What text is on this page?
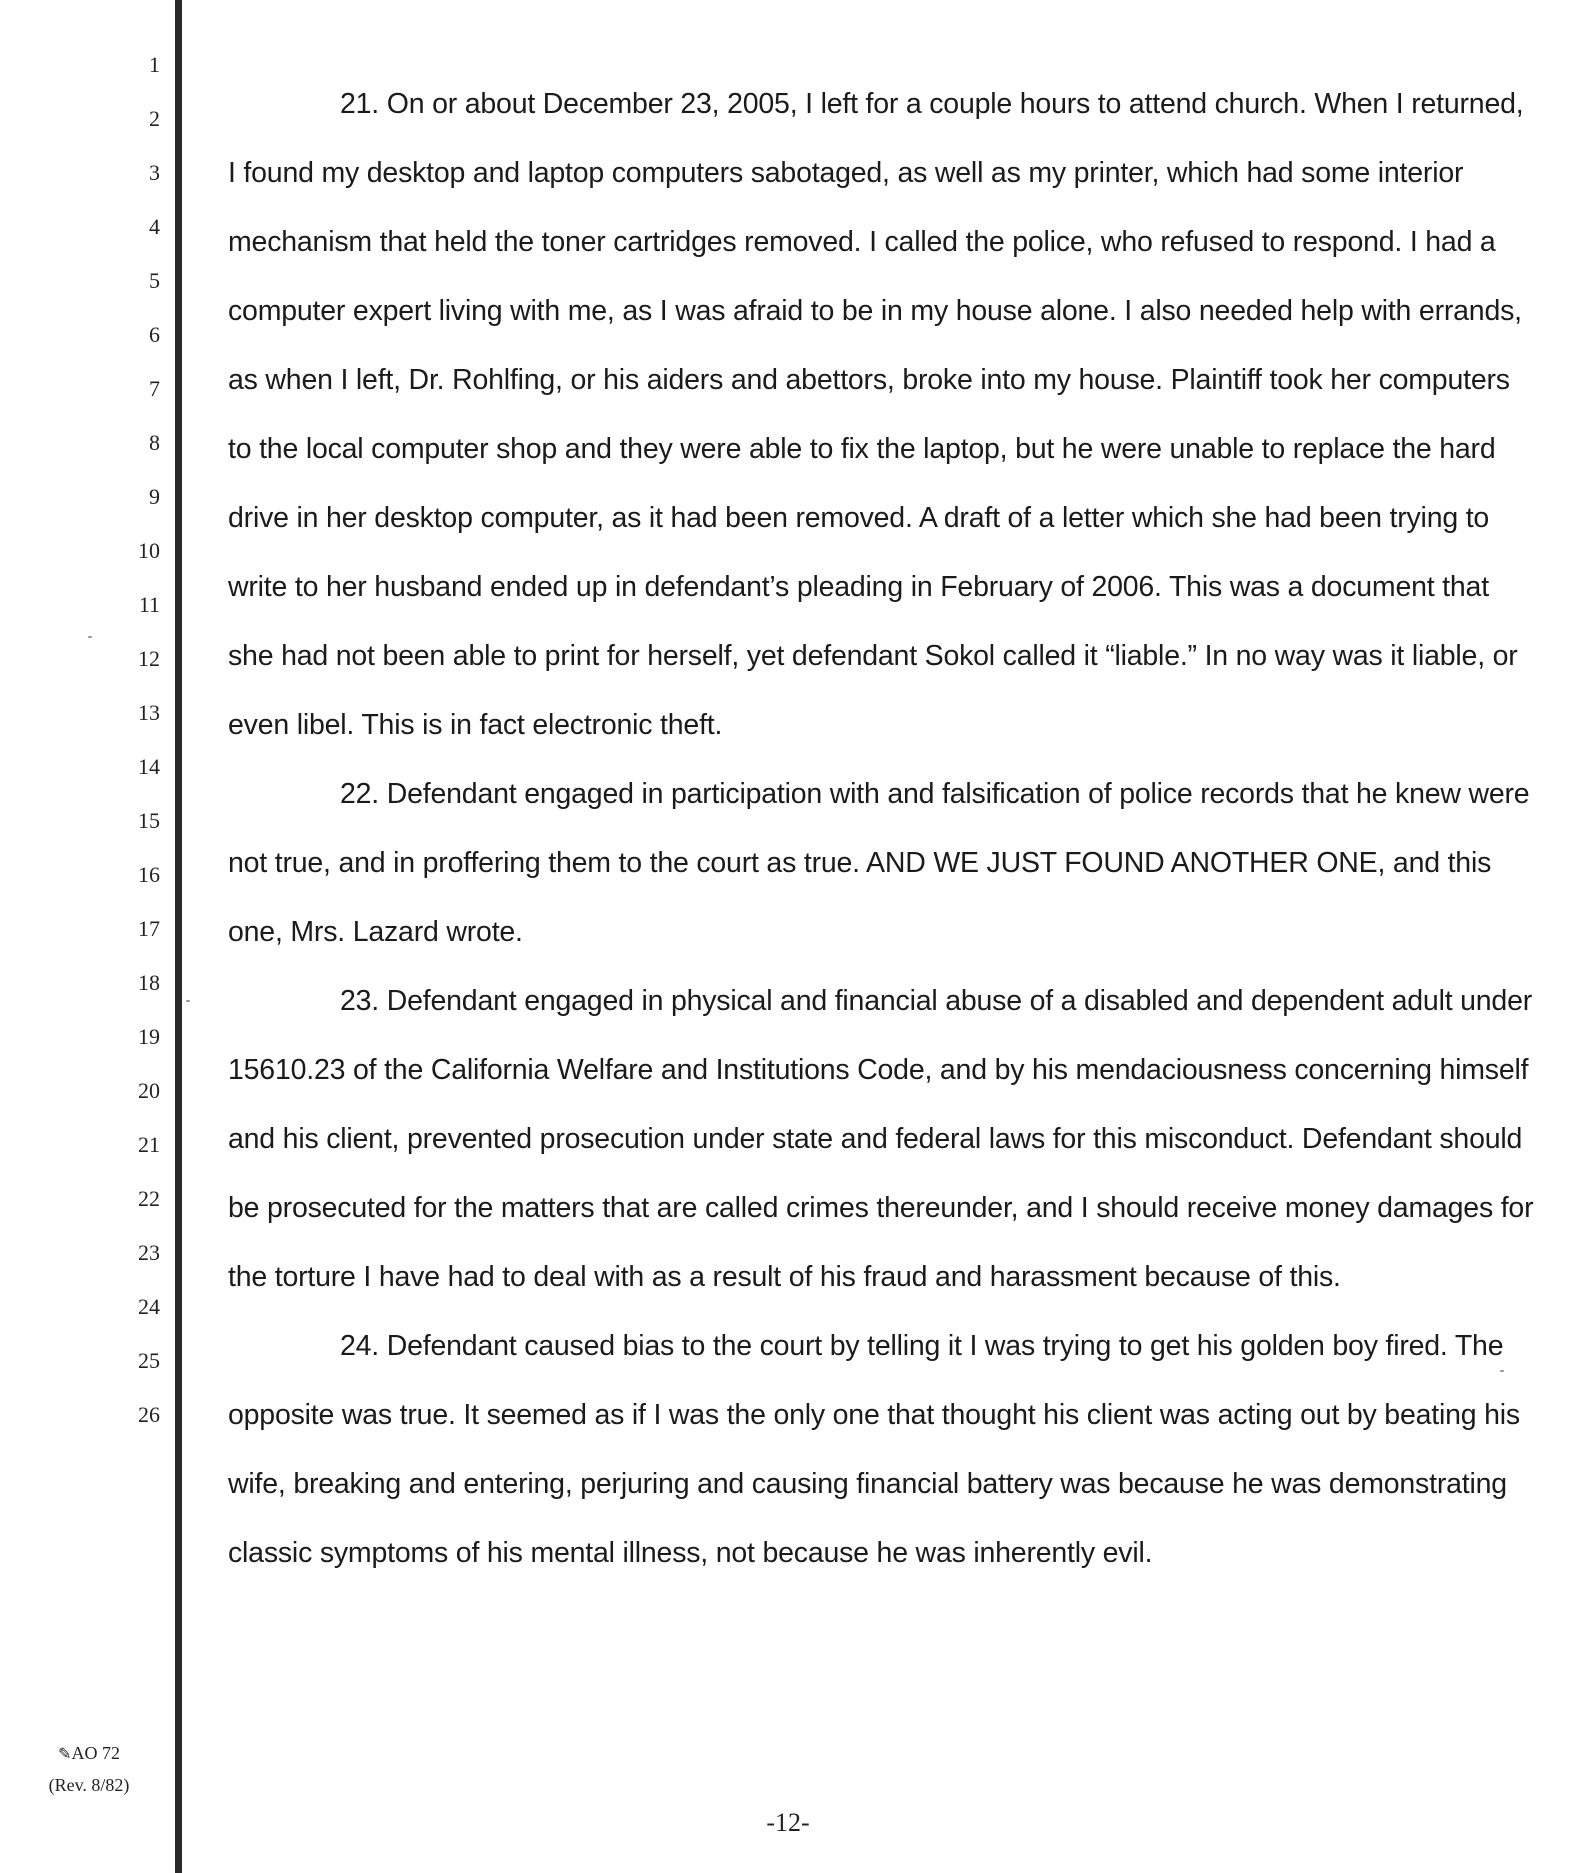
1
2
3
4
5
6
7
8
9
10
11
12
13
14
15
16
17
18
19
20
21
22
23
24
25
26

21. On or about December 23, 2005, I left for a couple hours to attend church. When I returned, I found my desktop and laptop computers sabotaged, as well as my printer, which had some interior mechanism that held the toner cartridges removed. I called the police, who refused to respond. I had a computer expert living with me, as I was afraid to be in my house alone. I also needed help with errands, as when I left, Dr. Rohlfing, or his aiders and abettors, broke into my house. Plaintiff took her computers to the local computer shop and they were able to fix the laptop, but he were unable to replace the hard drive in her desktop computer, as it had been removed. A draft of a letter which she had been trying to write to her husband ended up in defendant’s pleading in February of 2006. This was a document that she had not been able to print for herself, yet defendant Sokol called it “liable.” In no way was it liable, or even libel. This is in fact electronic theft.

22. Defendant engaged in participation with and falsification of police records that he knew were not true, and in proffering them to the court as true. AND WE JUST FOUND ANOTHER ONE, and this one, Mrs. Lazard wrote.

23. Defendant engaged in physical and financial abuse of a disabled and dependent adult under 15610.23 of the California Welfare and Institutions Code, and by his mendaciousness concerning himself and his client, prevented prosecution under state and federal laws for this misconduct. Defendant should be prosecuted for the matters that are called crimes thereunder, and I should receive money damages for the torture I have had to deal with as a result of his fraud and harassment because of this.

24. Defendant caused bias to the court by telling it I was trying to get his golden boy fired. The opposite was true. It seemed as if I was the only one that thought his client was acting out by beating his wife, breaking and entering, perjuring and causing financial battery was because he was demonstrating classic symptoms of his mental illness, not because he was inherently evil.

✎AO 72
(Rev. 8/82)
-12-
